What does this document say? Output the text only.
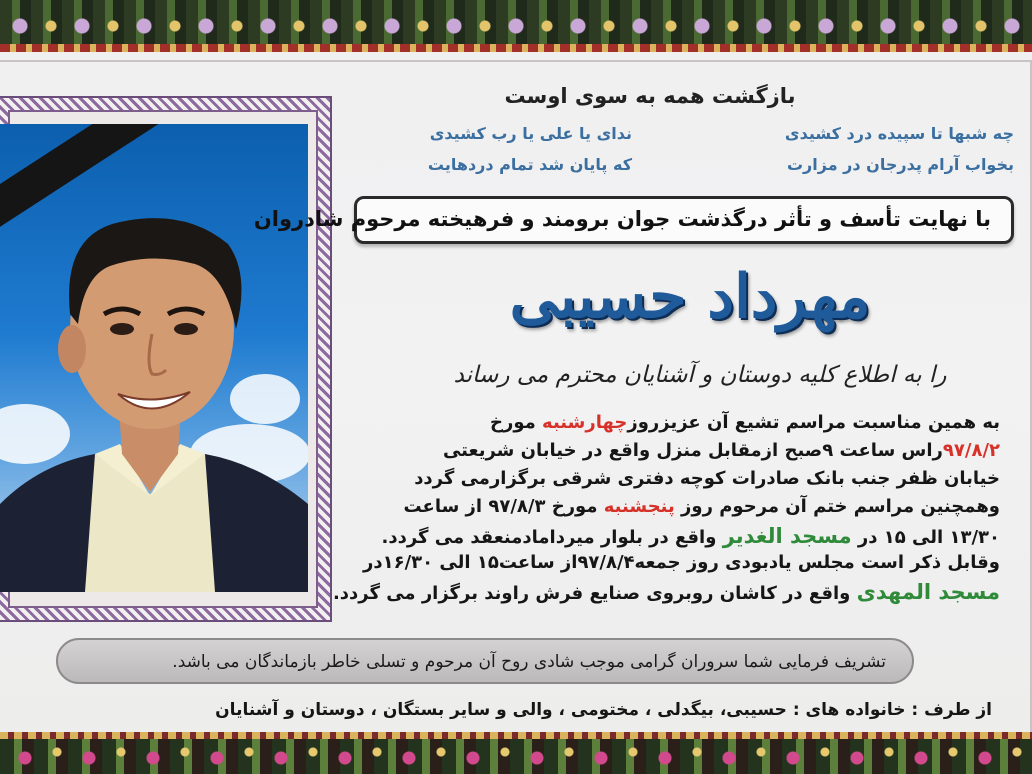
بازگشت همه به سوی اوست
چه شبها تا سپیده درد کشیدی
ندای یا علی یا رب کشیدی
بخواب آرام پدرجان در مزارت
که پایان شد تمام دردهایت
با نهایت تأسف و تأثر درگذشت جوان برومند و فرهیخته مرحوم شادروان
مهرداد حسیبی
را به اطلاع کلیه دوستان و آشنایان محترم می رساند
به همین مناسبت مراسم تشیع آن عزیزروزچهارشنبه مورخ
۹۷/۸/۲راس ساعت ۹صبح ازمقابل منزل واقع در خیابان شریعتی
خیابان ظفر جنب بانک صادرات کوچه دفتری شرقی برگزارمی گردد
وهمچنین مراسم ختم آن مرحوم روز پنجشنبه مورخ ۹۷/۸/۳ از ساعت
۱۳/۳۰ الی ۱۵ در مسجد الغدیر واقع در بلوار میردامادمنعقد می گردد.
وقابل ذکر است مجلس یادبودی روز جمعه۹۷/۸/۴از ساعت۱۵ الی ۱۶/۳۰در
مسجد المهدی واقع در کاشان روبروی صنایع فرش راوند برگزار می گردد.
تشریف فرمایی شما سروران گرامی موجب شادی روح آن مرحوم و تسلی خاطر بازماندگان می باشد.
از طرف : خانواده های : حسیبی، بیگدلی ، مختومی ، والی و سایر بستگان ، دوستان و آشنایان
